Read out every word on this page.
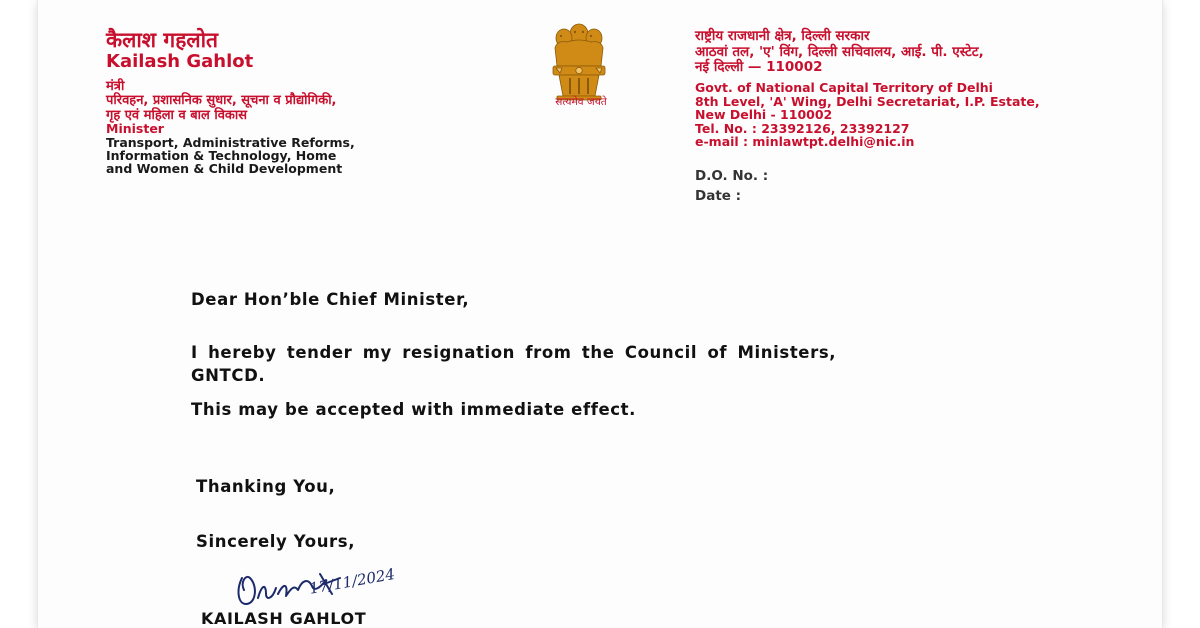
कैलाश गहलोत
Kailash Gahlot
मंत्री
परिवहन, प्रशासनिक सुधार, सूचना व प्रौद्योगिकी,
गृह एवं महिला व बाल विकास
Minister
Transport, Administrative Reforms,
Information & Technology, Home
and Women & Child Development
सत्यमेव जयते
राष्ट्रीय राजधानी क्षेत्र, दिल्ली सरकार
आठवां तल, 'ए' विंग, दिल्ली सचिवालय, आई. पी. एस्टेट,
नई दिल्ली — 110002
Govt. of National Capital Territory of Delhi
8th Level, 'A' Wing, Delhi Secretariat, I.P. Estate,
New Delhi - 110002
Tel. No. : 23392126, 23392127
e-mail : minlawtpt.delhi@nic.in
D.O. No. :
Date :
Dear Hon’ble Chief Minister,
I hereby tender my resignation from the Council of Ministers,
GNTCD.
This may be accepted with immediate effect.
Thanking You,
Sincerely Yours,
17/11/2024
KAILASH GAHLOT
